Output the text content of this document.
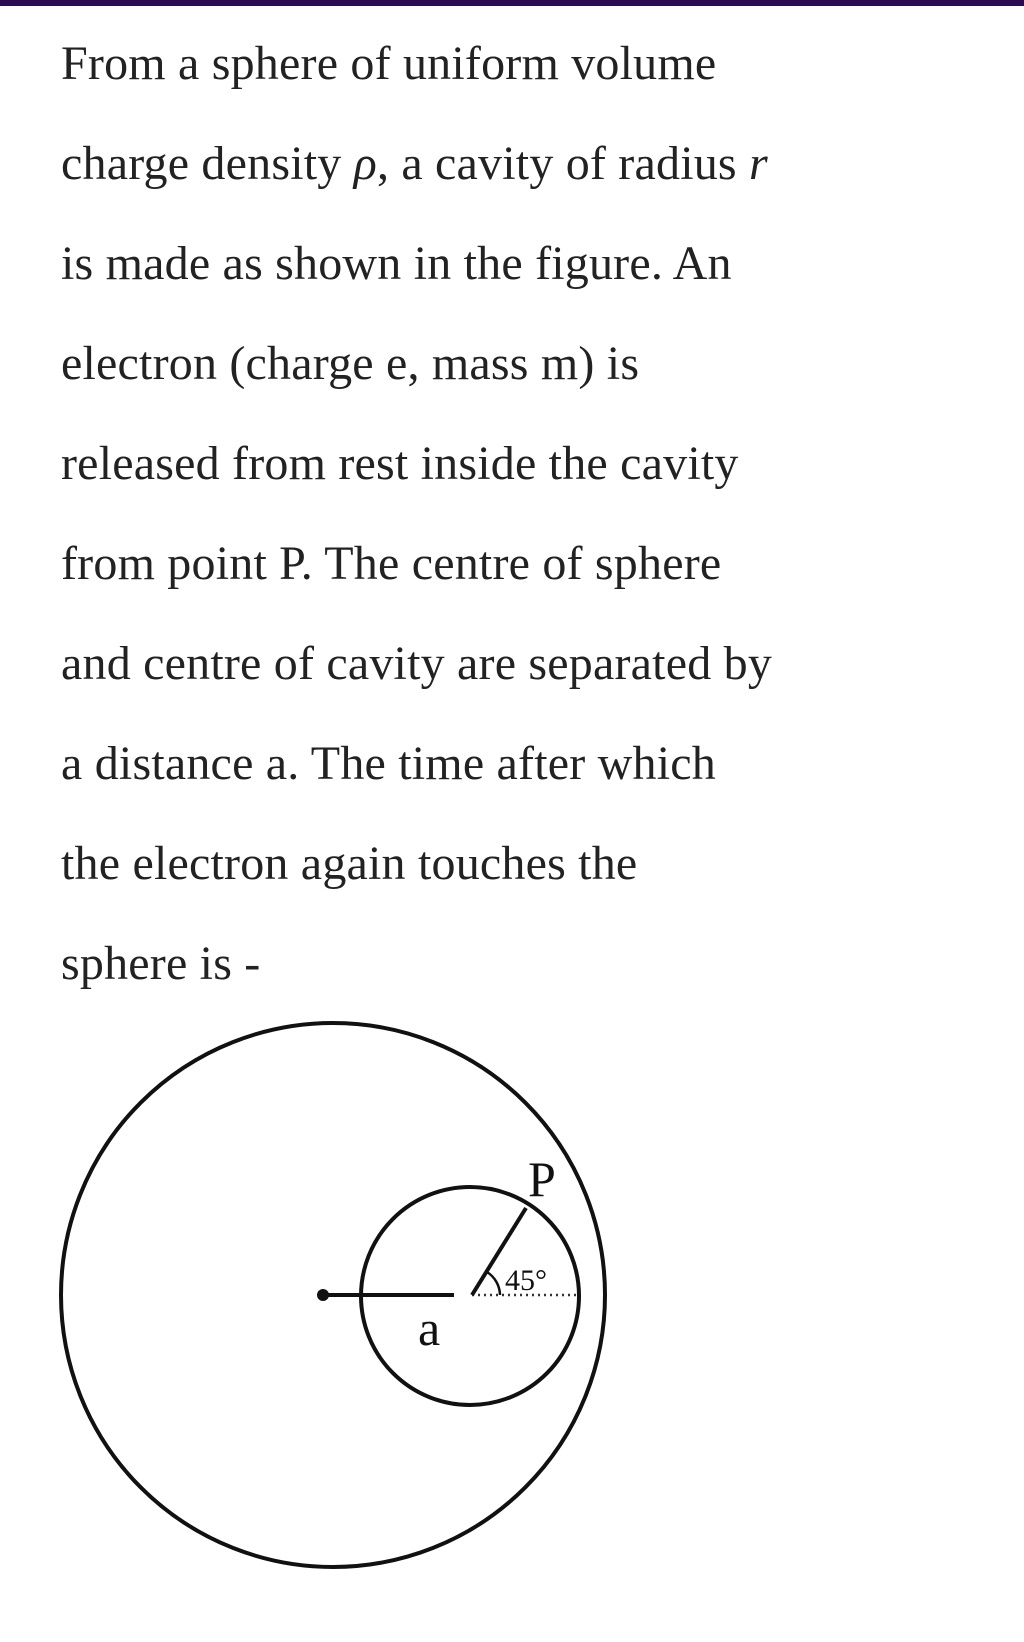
From a sphere of uniform volume
charge density ρ, a cavity of radius r
is made as shown in the figure. An
electron (charge e, mass m) is
released from rest inside the cavity
from point P. The centre of sphere
and centre of cavity are separated by
a distance a. The time after which
the electron again touches the
sphere is -
P
45°
a
